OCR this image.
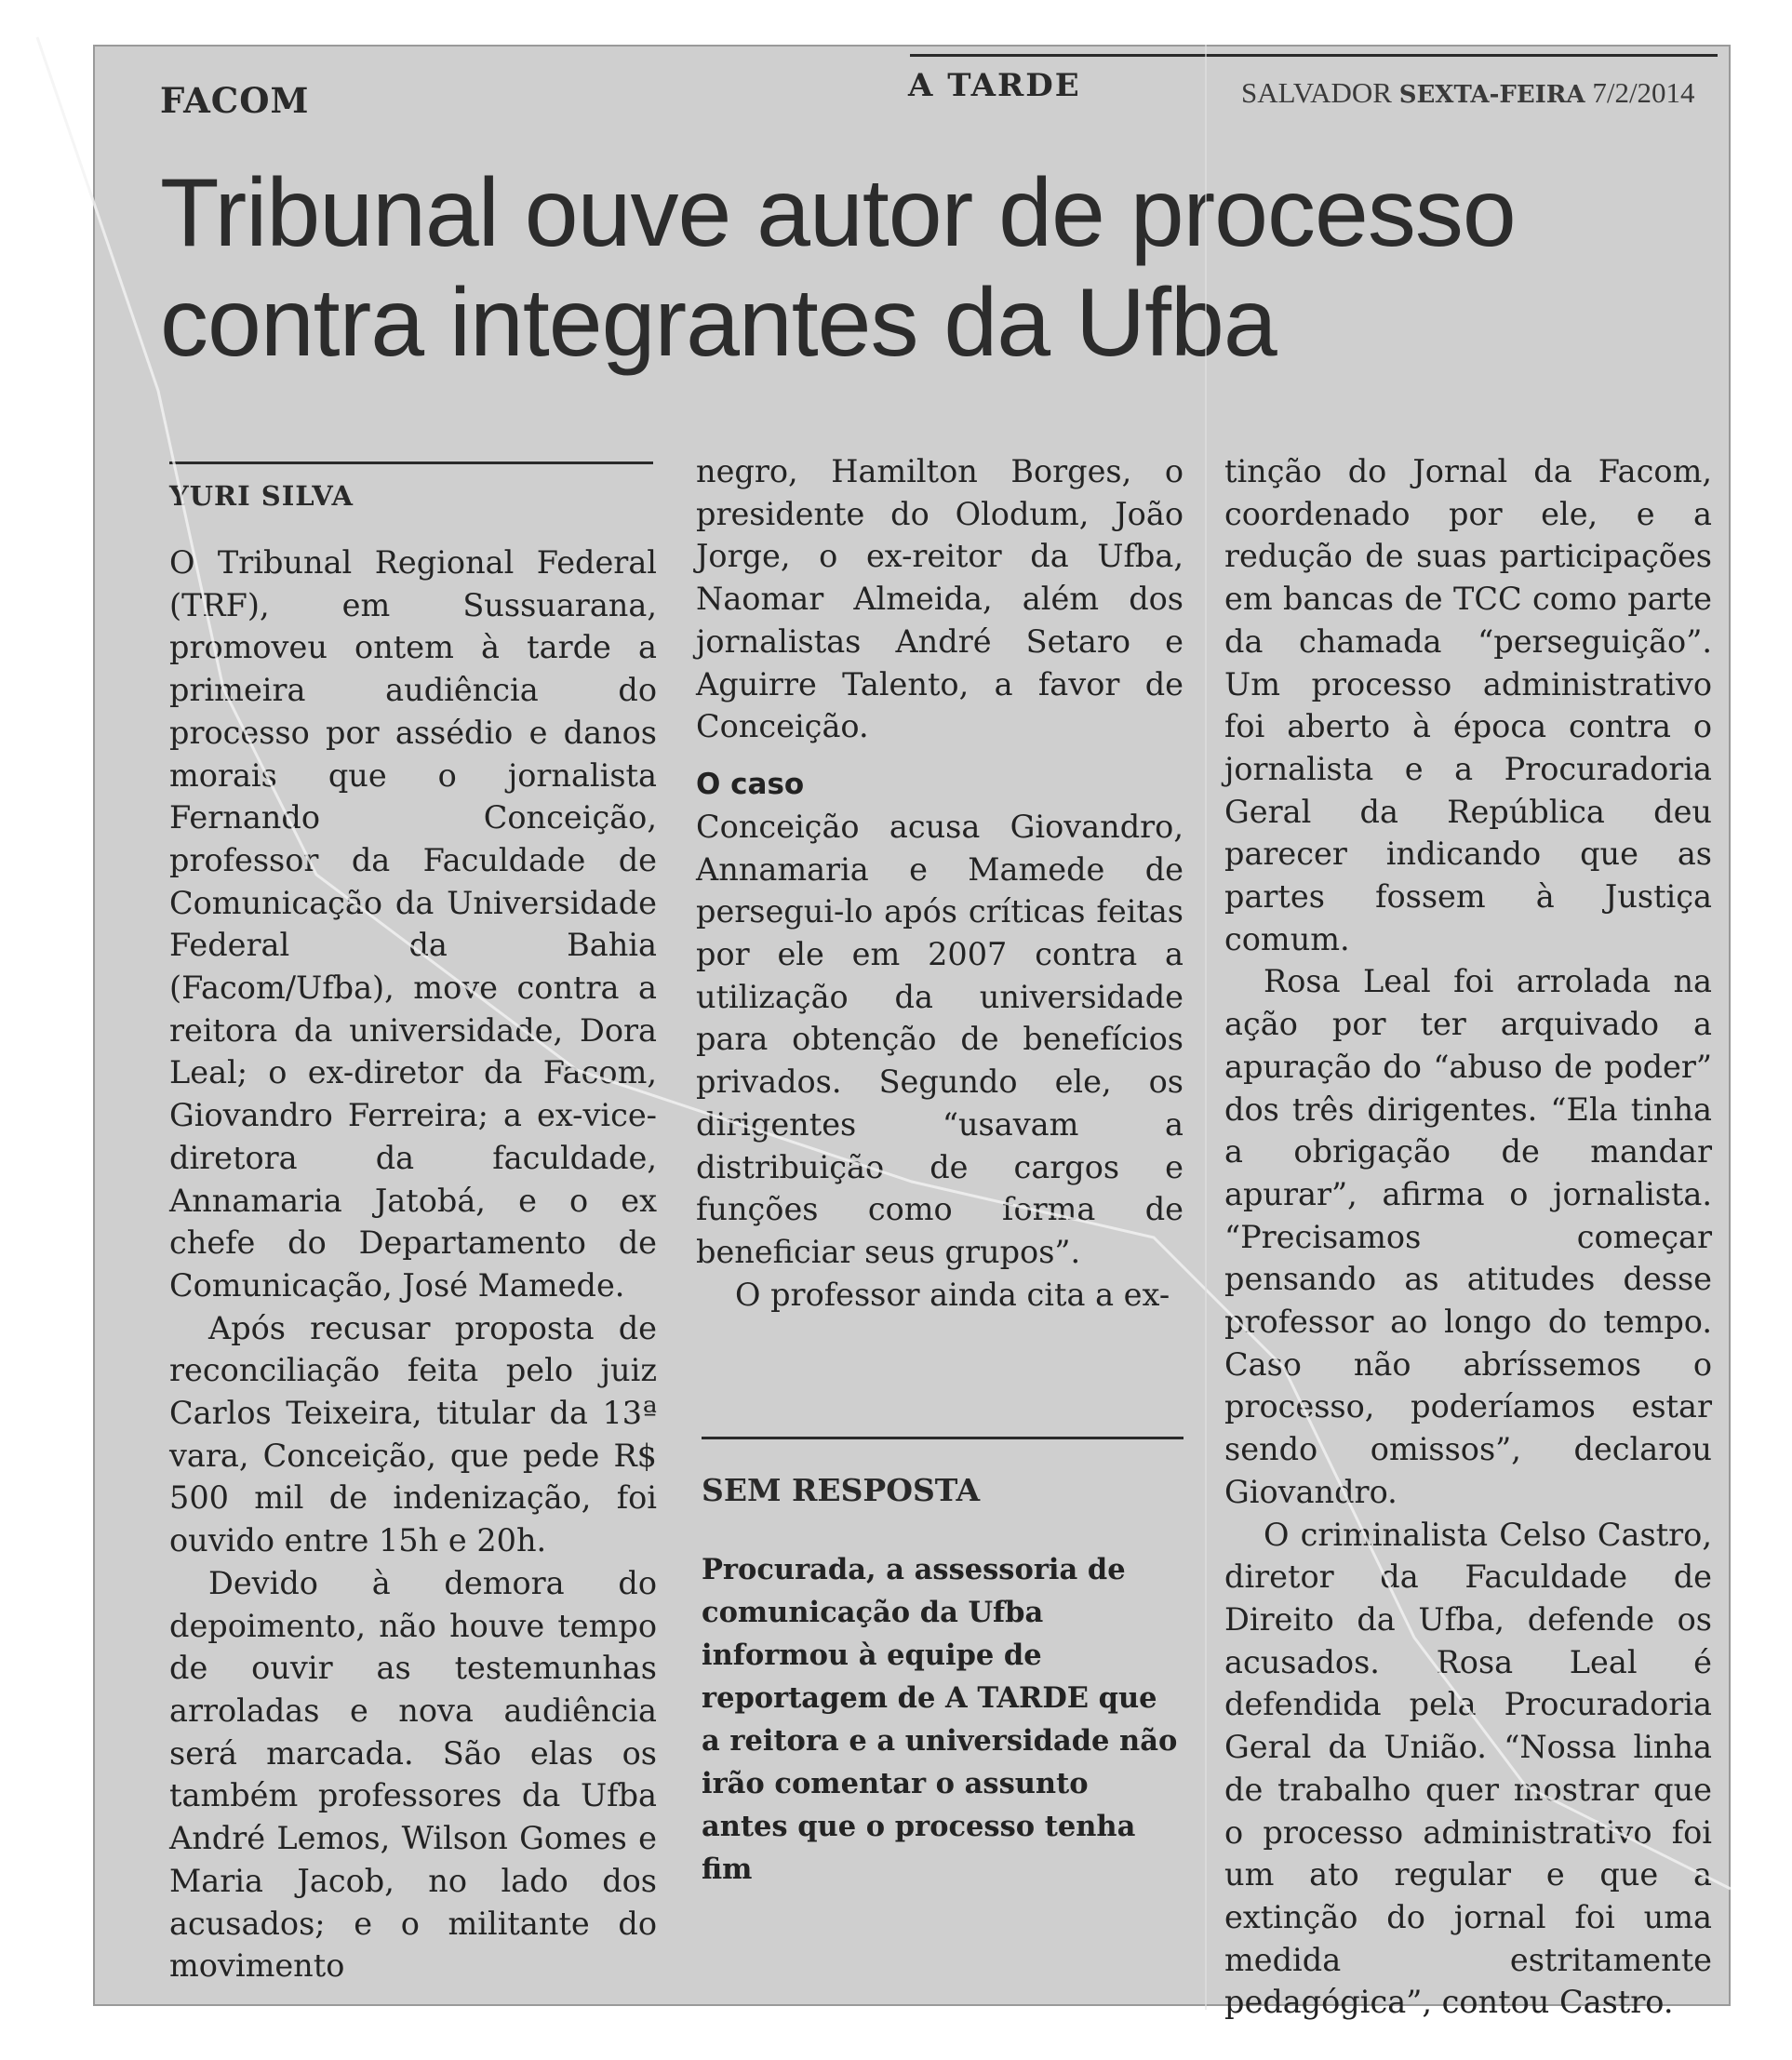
FACOM	A TARDE	SALVADOR SEXTA-FEIRA 7/2/2014
Tribunal ouve autor de processo
contra integrantes da Ufba
YURI SILVA

O Tribunal Regional Federal (TRF), em Sussuarana, promoveu ontem à tarde a primeira audiência do processo por assédio e danos morais que o jornalista Fernando Conceição, professor da Faculdade de Comunicação da Universidade Federal da Bahia (Facom/Ufba), move contra a reitora da universidade, Dora Leal; o ex-diretor da Facom, Giovandro Ferreira; a ex-vice-diretora da faculdade, Annamaria Jatobá, e o ex chefe do Departamento de Comunicação, José Mamede.

Após recusar proposta de reconciliação feita pelo juiz Carlos Teixeira, titular da 13ª vara, Conceição, que pede R$ 500 mil de indenização, foi ouvido entre 15h e 20h.

Devido à demora do depoimento, não houve tempo de ouvir as testemunhas arroladas e nova audiência será marcada. São elas os também professores da Ufba André Lemos, Wilson Gomes e Maria Jacob, no lado dos acusados; e o militante do movimento

negro, Hamilton Borges, o presidente do Olodum, João Jorge, o ex-reitor da Ufba, Naomar Almeida, além dos jornalistas André Setaro e Aguirre Talento, a favor de Conceição.

O caso

Conceição acusa Giovandro, Annamaria e Mamede de persegui-lo após críticas feitas por ele em 2007 contra a utilização da universidade para obtenção de benefícios privados. Segundo ele, os dirigentes “usavam a distribuição de cargos e funções como forma de beneficiar seus grupos”.

O professor ainda cita a ex-

SEM RESPOSTA

Procurada, a assessoria de comunicação da Ufba informou à equipe de reportagem de A TARDE que a reitora e a universidade não irão comentar o assunto antes que o processo tenha fim

tinção do Jornal da Facom, coordenado por ele, e a redução de suas participações em bancas de TCC como parte da chamada “perseguição”. Um processo administrativo foi aberto à época contra o jornalista e a Procuradoria Geral da República deu parecer indicando que as partes fossem à Justiça comum.

Rosa Leal foi arrolada na ação por ter arquivado a apuração do “abuso de poder” dos três dirigentes. “Ela tinha a obrigação de mandar apurar”, afirma o jornalista. “Precisamos começar pensando as atitudes desse professor ao longo do tempo. Caso não abríssemos o processo, poderíamos estar sendo omissos”, declarou Giovandro.

O criminalista Celso Castro, diretor da Faculdade de Direito da Ufba, defende os acusados. Rosa Leal é defendida pela Procuradoria Geral da União. “Nossa linha de trabalho quer mostrar que o processo administrativo foi um ato regular e que a extinção do jornal foi uma medida estritamente pedagógica”, contou Castro.
